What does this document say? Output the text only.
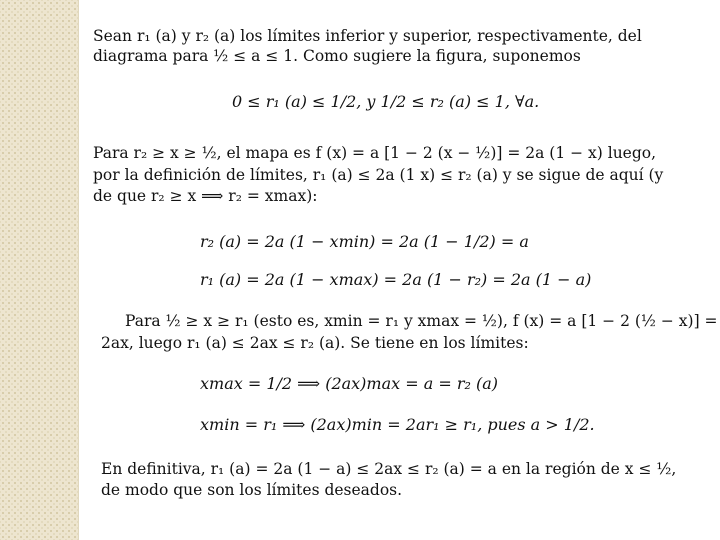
Sean r₁ (a) y r₂ (a) los límites inferior y superior, respectivamente, del
diagrama para ½ ≤ a ≤ 1. Como sugiere la figura, suponemos
0 ≤ r₁ (a) ≤ 1/2, y 1/2 ≤ r₂ (a) ≤ 1, ∀a.
Para r₂ ≥ x ≥ ½, el mapa es f (x) = a [1 − 2 (x − ½)] = 2a (1 − x) luego,
por la definición de límites, r₁ (a) ≤ 2a (1 x) ≤ r₂ (a) y se sigue de aquí (y
de que r₂ ≥ x ⟹ r₂ = xmax):
r₂ (a) = 2a (1 − xmin) = 2a (1 − 1/2) = a
r₁ (a) = 2a (1 − xmax) = 2a (1 − r₂) = 2a (1 − a)
Para ½ ≥ x ≥ r₁ (esto es, xmin = r₁ y xmax = ½), f (x) = a [1 − 2 (½ − x)] =
2ax, luego r₁ (a) ≤ 2ax ≤ r₂ (a). Se tiene en los límites:
xmax = 1/2 ⟹ (2ax)max = a = r₂ (a)
xmin = r₁ ⟹ (2ax)min = 2ar₁ ≥ r₁, pues a > 1/2.
En definitiva, r₁ (a) = 2a (1 − a) ≤ 2ax ≤ r₂ (a) = a en la región de x ≤ ½,
de modo que son los límites deseados.
